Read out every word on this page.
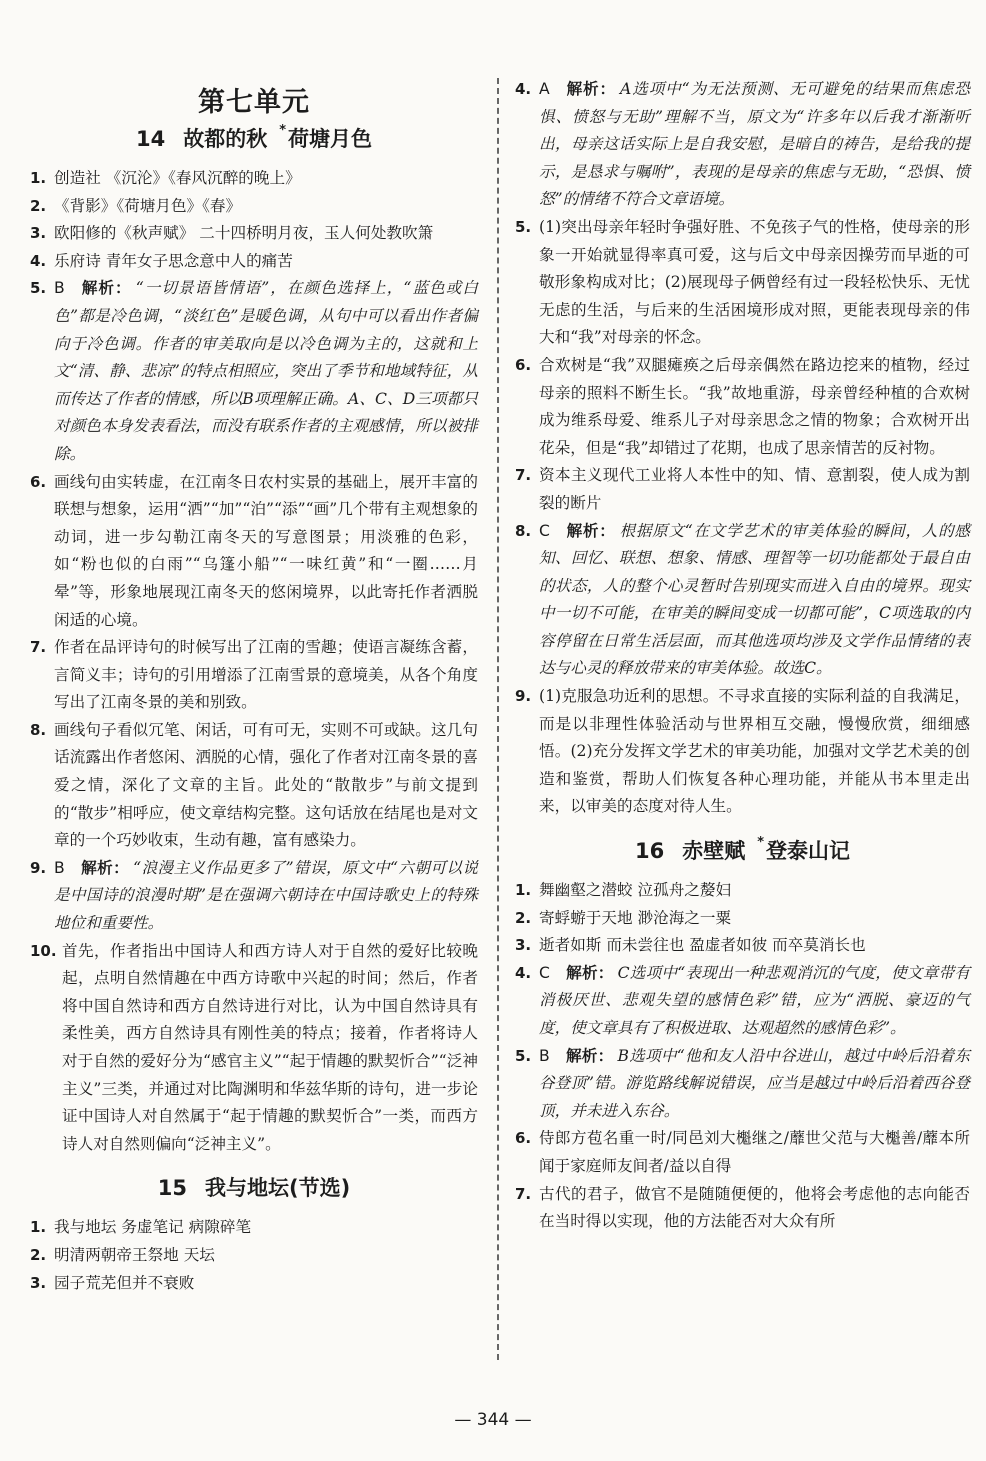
第七单元
14 故都的秋 *荷塘月色
1. 创造社 《沉沦》《春风沉醉的晚上》
2. 《背影》《荷塘月色》《春》
3. 欧阳修的《秋声赋》 二十四桥明月夜，玉人何处教吹箫
4. 乐府诗 青年女子思念意中人的痛苦
5. B 解析： “一切景语皆情语”，在颜色选择上，“蓝色或白色”都是冷色调，“淡红色”是暖色调，从句中可以看出作者偏向于冷色调。作者的审美取向是以冷色调为主的，这就和上文“清、静、悲凉”的特点相照应，突出了季节和地域特征，从而传达了作者的情感，所以B项理解正确。A、C、D三项都只对颜色本身发表看法，而没有联系作者的主观感情，所以被排除。
6. 画线句由实转虚，在江南冬日农村实景的基础上，展开丰富的联想与想象，运用“洒”“加”“泊”“添”“画”几个带有主观想象的动词，进一步勾勒江南冬天的写意图景；用淡雅的色彩，如“粉也似的白雨”“乌篷小船”“一味红黄”和“一圈……月晕”等，形象地展现江南冬天的悠闲境界，以此寄托作者洒脱闲适的心境。
7. 作者在品评诗句的时候写出了江南的雪趣；使语言凝练含蓄，言简义丰；诗句的引用增添了江南雪景的意境美，从各个角度写出了江南冬景的美和别致。
8. 画线句子看似冗笔、闲话，可有可无，实则不可或缺。这几句话流露出作者悠闲、洒脱的心情，强化了作者对江南冬景的喜爱之情，深化了文章的主旨。此处的“散散步”与前文提到的“散步”相呼应，使文章结构完整。这句话放在结尾也是对文章的一个巧妙收束，生动有趣，富有感染力。
9. B 解析： “浪漫主义作品更多了”错误，原文中“六朝可以说是中国诗的浪漫时期”是在强调六朝诗在中国诗歌史上的特殊地位和重要性。
10. 首先，作者指出中国诗人和西方诗人对于自然的爱好比较晚起，点明自然情趣在中西方诗歌中兴起的时间；然后，作者将中国自然诗和西方自然诗进行对比，认为中国自然诗具有柔性美，西方自然诗具有刚性美的特点；接着，作者将诗人对于自然的爱好分为“感官主义”“起于情趣的默契忻合”“泛神主义”三类，并通过对比陶渊明和华兹华斯的诗句，进一步论证中国诗人对自然属于“起于情趣的默契忻合”一类，而西方诗人对自然则偏向“泛神主义”。
15 我与地坛(节选)
1. 我与地坛 务虚笔记 病隙碎笔
2. 明清两朝帝王祭地 天坛
3. 园子荒芜但并不衰败
4. A 解析： A选项中“为无法预测、无可避免的结果而焦虑恐惧、愤怒与无助”理解不当，原文为“许多年以后我才渐渐听出，母亲这话实际上是自我安慰，是暗自的祷告，是给我的提示，是恳求与嘱咐”，表现的是母亲的焦虑与无助，“恐惧、愤怒”的情绪不符合文章语境。
5. (1)突出母亲年轻时争强好胜、不免孩子气的性格，使母亲的形象一开始就显得率真可爱，这与后文中母亲因操劳而早逝的可敬形象构成对比；(2)展现母子俩曾经有过一段轻松快乐、无忧无虑的生活，与后来的生活困境形成对照，更能表现母亲的伟大和“我”对母亲的怀念。
6. 合欢树是“我”双腿瘫痪之后母亲偶然在路边挖来的植物，经过母亲的照料不断生长。“我”故地重游，母亲曾经种植的合欢树成为维系母爱、维系儿子对母亲思念之情的物象；合欢树开出花朵，但是“我”却错过了花期，也成了思亲情苦的反衬物。
7. 资本主义现代工业将人本性中的知、情、意割裂，使人成为割裂的断片
8. C 解析： 根据原文“在文学艺术的审美体验的瞬间，人的感知、回忆、联想、想象、情感、理智等一切功能都处于最自由的状态，人的整个心灵暂时告别现实而进入自由的境界。现实中一切不可能，在审美的瞬间变成一切都可能”，C项选取的内容停留在日常生活层面，而其他选项均涉及文学作品情绪的表达与心灵的释放带来的审美体验。故选C。
9. (1)克服急功近利的思想。不寻求直接的实际利益的自我满足，而是以非理性体验活动与世界相互交融，慢慢欣赏，细细感悟。(2)充分发挥文学艺术的审美功能，加强对文学艺术美的创造和鉴赏，帮助人们恢复各种心理功能，并能从书本里走出来，以审美的态度对待人生。
16 赤壁赋 *登泰山记
1. 舞幽壑之潜蛟 泣孤舟之嫠妇
2. 寄蜉蝣于天地 渺沧海之一粟
3. 逝者如斯 而未尝往也 盈虚者如彼 而卒莫消长也
4. C 解析： C选项中“表现出一种悲观消沉的气度，使文章带有消极厌世、悲观失望的感情色彩”错，应为“洒脱、豪迈的气度，使文章具有了积极进取、达观超然的感情色彩”。
5. B 解析： B选项中“他和友人沿中谷进山，越过中岭后沿着东谷登顶”错。游览路线解说错误，应当是越过中岭后沿着西谷登顶，并未进入东谷。
6. 侍郎方苞名重一时/同邑刘大櫆继之/蘼世父范与大櫆善/蘼本所闻于家庭师友间者/益以自得
7. 古代的君子，做官不是随随便便的，他将会考虑他的志向能否在当时得以实现，他的方法能否对大众有所
— 344 —
